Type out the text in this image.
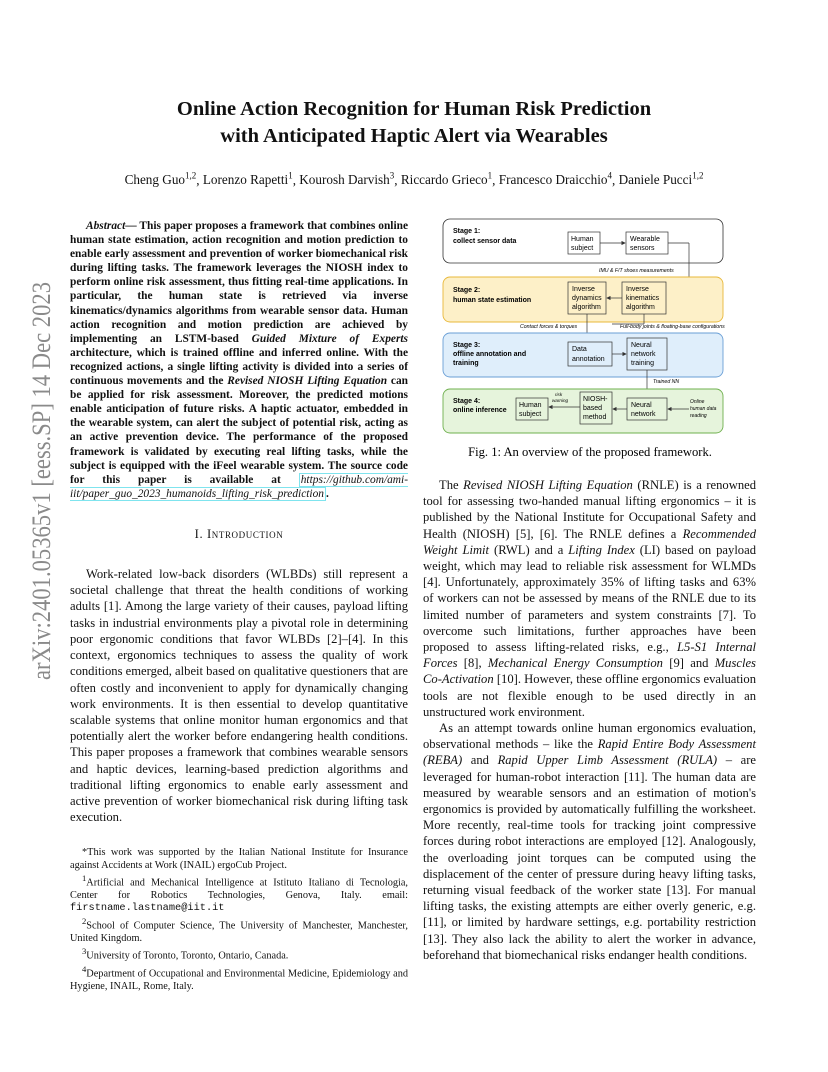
arXiv:2401.05365v1 [eess.SP] 14 Dec 2023
Online Action Recognition for Human Risk Prediction
with Anticipated Haptic Alert via Wearables
Cheng Guo$^{1,2}$, Lorenzo Rapetti$^1$, Kourosh Darvish$^3$, Riccardo Grieco$^1$, Francesco Draicchio$^4$, Daniele Pucci$^{1,2}$

Abstract— This paper proposes a framework that combines online human state estimation, action recognition and motion prediction to enable early assessment and prevention of worker biomechanical risk during lifting tasks. The framework leverages the NIOSH index to perform online risk assessment, thus fitting real-time applications. In particular, the human state is retrieved via inverse kinematics/dynamics algorithms from wearable sensor data. Human action recognition and motion prediction are achieved by implementing an LSTM-based Guided Mixture of Experts architecture, which is trained offline and inferred online. With the recognized actions, a single lifting activity is divided into a series of continuous movements and the Revised NIOSH Lifting Equation can be applied for risk assessment. Moreover, the predicted motions enable anticipation of future risks. A haptic actuator, embedded in the wearable system, can alert the subject of potential risk, acting as an active prevention device. The performance of the proposed framework is validated by executing real lifting tasks, while the subject is equipped with the iFeel wearable system. The source code for this paper is available at https://github.com/ami-iit/paper_guo_2023_humanoids_lifting_risk_prediction .

I. Introduction

Work-related low-back disorders (WLBDs) still represent a societal challenge that threat the health conditions of working adults [1]. Among the large variety of their causes, payload lifting tasks in industrial environments play a pivotal role in determining poor ergonomic conditions that favor WLBDs [2]–[4]. In this context, ergonomics techniques to assess the quality of work conditions emerged, albeit based on qualitative questioners that are often costly and inconvenient to apply for dynamically changing work environments. It is then essential to develop quantitative scalable systems that online monitor human ergonomics and that potentially alert the worker before endangering health conditions. This paper proposes a framework that combines wearable sensors and haptic devices, learning-based prediction algorithms and traditional lifting ergonomics to enable early assessment and active prevention of worker biomechanical risk during lifting task execution.

*This work was supported by the Italian National Institute for Insurance against Accidents at Work (INAIL) ergoCub Project.

$^1$Artificial and Mechanical Intelligence at Istituto Italiano di Tecnologia, Center for Robotics Technologies, Genova, Italy. email: firstname.lastname@iit.it

$^2$School of Computer Science, The University of Manchester, Manchester, United Kingdom.

$^3$University of Toronto, Toronto, Ontario, Canada.

$^4$Department of Occupational and Environmental Medicine, Epidemiology and Hygiene, INAIL, Rome, Italy.

Stage 1:
collect sensor data	Human
subject
Wearable
sensors
IMU & F/T shoes measurements
Stage 2:
human state estimation
Inverse
dynamics
algorithm
Inverse
kinematics
algorithm
Contact forces & torques	Full-body joints & floating-base configurations
Stage 3:
offline annotation and
training
Data
annotation
Neural
network
training
Trained NN
Stage 4:
online inference
Human
subject
risk
warning NIOSH-
based
method
Neural
network
Online
human data
reading
Fig. 1: An overview of the proposed framework.

The Revised NIOSH Lifting Equation (RNLE) is a renowned tool for assessing two-handed manual lifting ergonomics – it is published by the National Institute for Occupational Safety and Health (NIOSH) [5], [6]. The RNLE defines a Recommended Weight Limit (RWL) and a Lifting Index (LI) based on payload weight, which may lead to reliable risk assessment for WLMDs [4]. Unfortunately, approximately 35% of lifting tasks and 63% of workers can not be assessed by means of the RNLE due to its limited number of parameters and system constraints [7]. To overcome such limitations, further approaches have been proposed to assess lifting-related risks, e.g., L5-S1 Internal Forces [8], Mechanical Energy Consumption [9] and Muscles Co-Activation [10]. However, these offline ergonomics evaluation tools are not flexible enough to be used directly in an unstructured work environment.

As an attempt towards online human ergonomics evaluation, observational methods – like the Rapid Entire Body Assessment (REBA) and Rapid Upper Limb Assessment (RULA) – are leveraged for human-robot interaction [11]. The human data are measured by wearable sensors and an estimation of motion's ergonomics is provided by automatically fulfilling the worksheet. More recently, real-time tools for tracking joint compressive forces during robot interactions are employed [12]. Analogously, the overloading joint torques can be computed using the displacement of the center of pressure during heavy lifting tasks, returning visual feedback of the worker state [13]. For manual lifting tasks, the existing attempts are either overly generic, e.g. [11], or limited by hardware settings, e.g. portability restriction [13]. They also lack the ability to alert the worker in advance, beforehand that biomechanical risks endanger health conditions.
